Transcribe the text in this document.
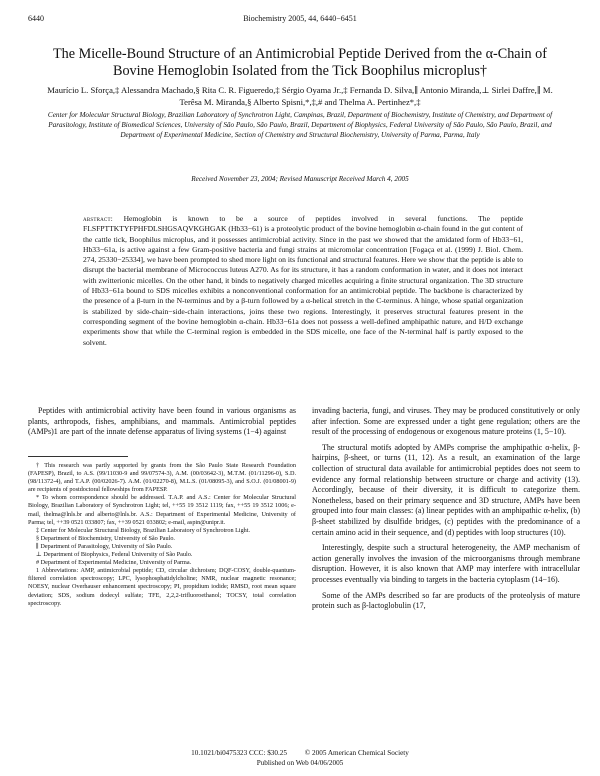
6440	Biochemistry 2005, 44, 6440−6451
The Micelle-Bound Structure of an Antimicrobial Peptide Derived from the α-Chain of Bovine Hemoglobin Isolated from the Tick Boophilus microplus†
Maurício L. Sforça,‡ Alessandra Machado,§ Rita C. R. Figueredo,‡ Sérgio Oyama Jr.,‡ Fernanda D. Silva,∥ Antonio Miranda,⊥ Sirlei Daffre,∥ M. Terêsa M. Miranda,§ Alberto Spisni,*,‡,# and Thelma A. Pertinhez*,‡
Center for Molecular Structural Biology, Brazilian Laboratory of Synchrotron Light, Campinas, Brazil, Department of Biochemistry, Institute of Chemistry, and Department of Parasitology, Institute of Biomedical Sciences, University of São Paulo, São Paulo, Brazil, Department of Biophysics, Federal University of São Paulo, São Paulo, Brazil, and Department of Experimental Medicine, Section of Chemistry and Structural Biochemistry, University of Parma, Parma, Italy
Received November 23, 2004; Revised Manuscript Received March 4, 2005
abstract: Hemoglobin is known to be a source of peptides involved in several functions. The peptide FLSFPTTKTYFPHFDLSHGSAQVKGHGAK (Hb33−61) is a proteolytic product of the bovine hemoglobin α-chain found in the gut content of the cattle tick, Boophilus microplus, and it possesses antimicrobial activity. Since in the past we showed that the amidated form of Hb33−61, Hb33−61a, is active against a few Gram-positive bacteria and fungi strains at micromolar concentration [Fogaça et al. (1999) J. Biol. Chem. 274, 25330−25334], we have been prompted to shed more light on its functional and structural features. Here we show that the peptide is able to disrupt the bacterial membrane of Micrococcus luteus A270. As for its structure, it has a random conformation in water, and it does not interact with zwitterionic micelles. On the other hand, it binds to negatively charged micelles acquiring a finite structural organization. The 3D structure of Hb33−61a bound to SDS micelles exhibits a nonconventional conformation for an antimicrobial peptide. The backbone is characterized by the presence of a β-turn in the N-terminus and by a β-turn followed by a α-helical stretch in the C-terminus. A hinge, whose spatial organization is stabilized by side-chain−side-chain interactions, joins these two regions. Interestingly, it preserves structural features present in the corresponding segment of the bovine hemoglobin α-chain. Hb33−61a does not possess a well-defined amphipathic nature, and H/D exchange experiments show that while the C-terminal region is embedded in the SDS micelle, one face of the N-terminal half is partly exposed to the solvent.

Peptides with antimicrobial activity have been found in various organisms as plants, arthropods, fishes, amphibians, and mammals. Antimicrobial peptides (AMPs)1 are part of the innate defense apparatus of living systems (1−4) against

† This research was partly supported by grants from the São Paulo State Research Foundation (FAPESP), Brazil, to A.S. (99/11030-9 and 99/07574-3), A.M. (00/03642-3), M.T.M. (01/11296-0), S.D. (98/11372-4), and T.A.P. (00/02026-7). A.M. (01/02270-8), M.L.S. (01/08095-3), and S.O.J. (01/08001-9) are recipients of postdoctoral fellowships from FAPESP.
* To whom correspondence should be addressed. T.A.P. and A.S.: Center for Molecular Structural Biology, Brazilian Laboratory of Synchrotron Light; tel, ++55 19 3512 1119; fax, ++55 19 3512 1006; e-mail, thelma@lnls.br and alberto@lnls.br. A.S.: Department of Experimental Medicine, University of Parma; tel, ++39 0521 033807; fax, ++39 0521 033802; e-mail, aspin@unipr.it.
‡ Center for Molecular Structural Biology, Brazilian Laboratory of Synchrotron Light.
§ Department of Biochemistry, University of São Paulo.
∥ Department of Parasitology, University of São Paulo.
⊥ Department of Biophysics, Federal University of São Paulo.
# Department of Experimental Medicine, University of Parma.
1 Abbreviations: AMP, antimicrobial peptide; CD, circular dichroism; DQF-COSY, double-quantum-filtered correlation spectroscopy; LPC, lysophosphatidylcholine; NMR, nuclear magnetic resonance; NOESY, nuclear Overhauser enhancement spectroscopy; PI, propidium iodide; RMSD, root mean square deviation; SDS, sodium dodecyl sulfate; TFE, 2,2,2-trifluoroethanol; TOCSY, total correlation spectroscopy.

invading bacteria, fungi, and viruses. They may be produced constitutively or only after infection. Some are expressed under a tight gene regulation; others are the result of the processing of endogenous or exogenous mature proteins (1, 5−10).

The structural motifs adopted by AMPs comprise the amphipathic α-helix, β-hairpins, β-sheet, or turns (11, 12). As a result, an examination of the large collection of structural data available for antimicrobial peptides does not seem to evidence any formal relationship between structure or charge and activity (13). Accordingly, because of their diversity, it is difficult to categorize them. Nonetheless, based on their primary sequence and 3D structure, AMPs have been grouped into four main classes: (a) linear peptides with an amphipathic α-helix, (b) β-sheet stabilized by disulfide bridges, (c) peptides with the predominance of a certain amino acid in their sequence, and (d) peptides with loop structures (10).

Interestingly, despite such a structural heterogeneity, the AMP mechanism of action generally involves the invasion of the microorganisms through membrane disruption. However, it is also known that AMP may interfere with intracellular processes eventually via binding to targets in the bacteria cytoplasm (14−16).

Some of the AMPs described so far are products of the proteolysis of mature protein such as β-lactoglobulin (17,

10.1021/bi0475323 CCC: $30.25 © 2005 American Chemical Society
Published on Web 04/06/2005
